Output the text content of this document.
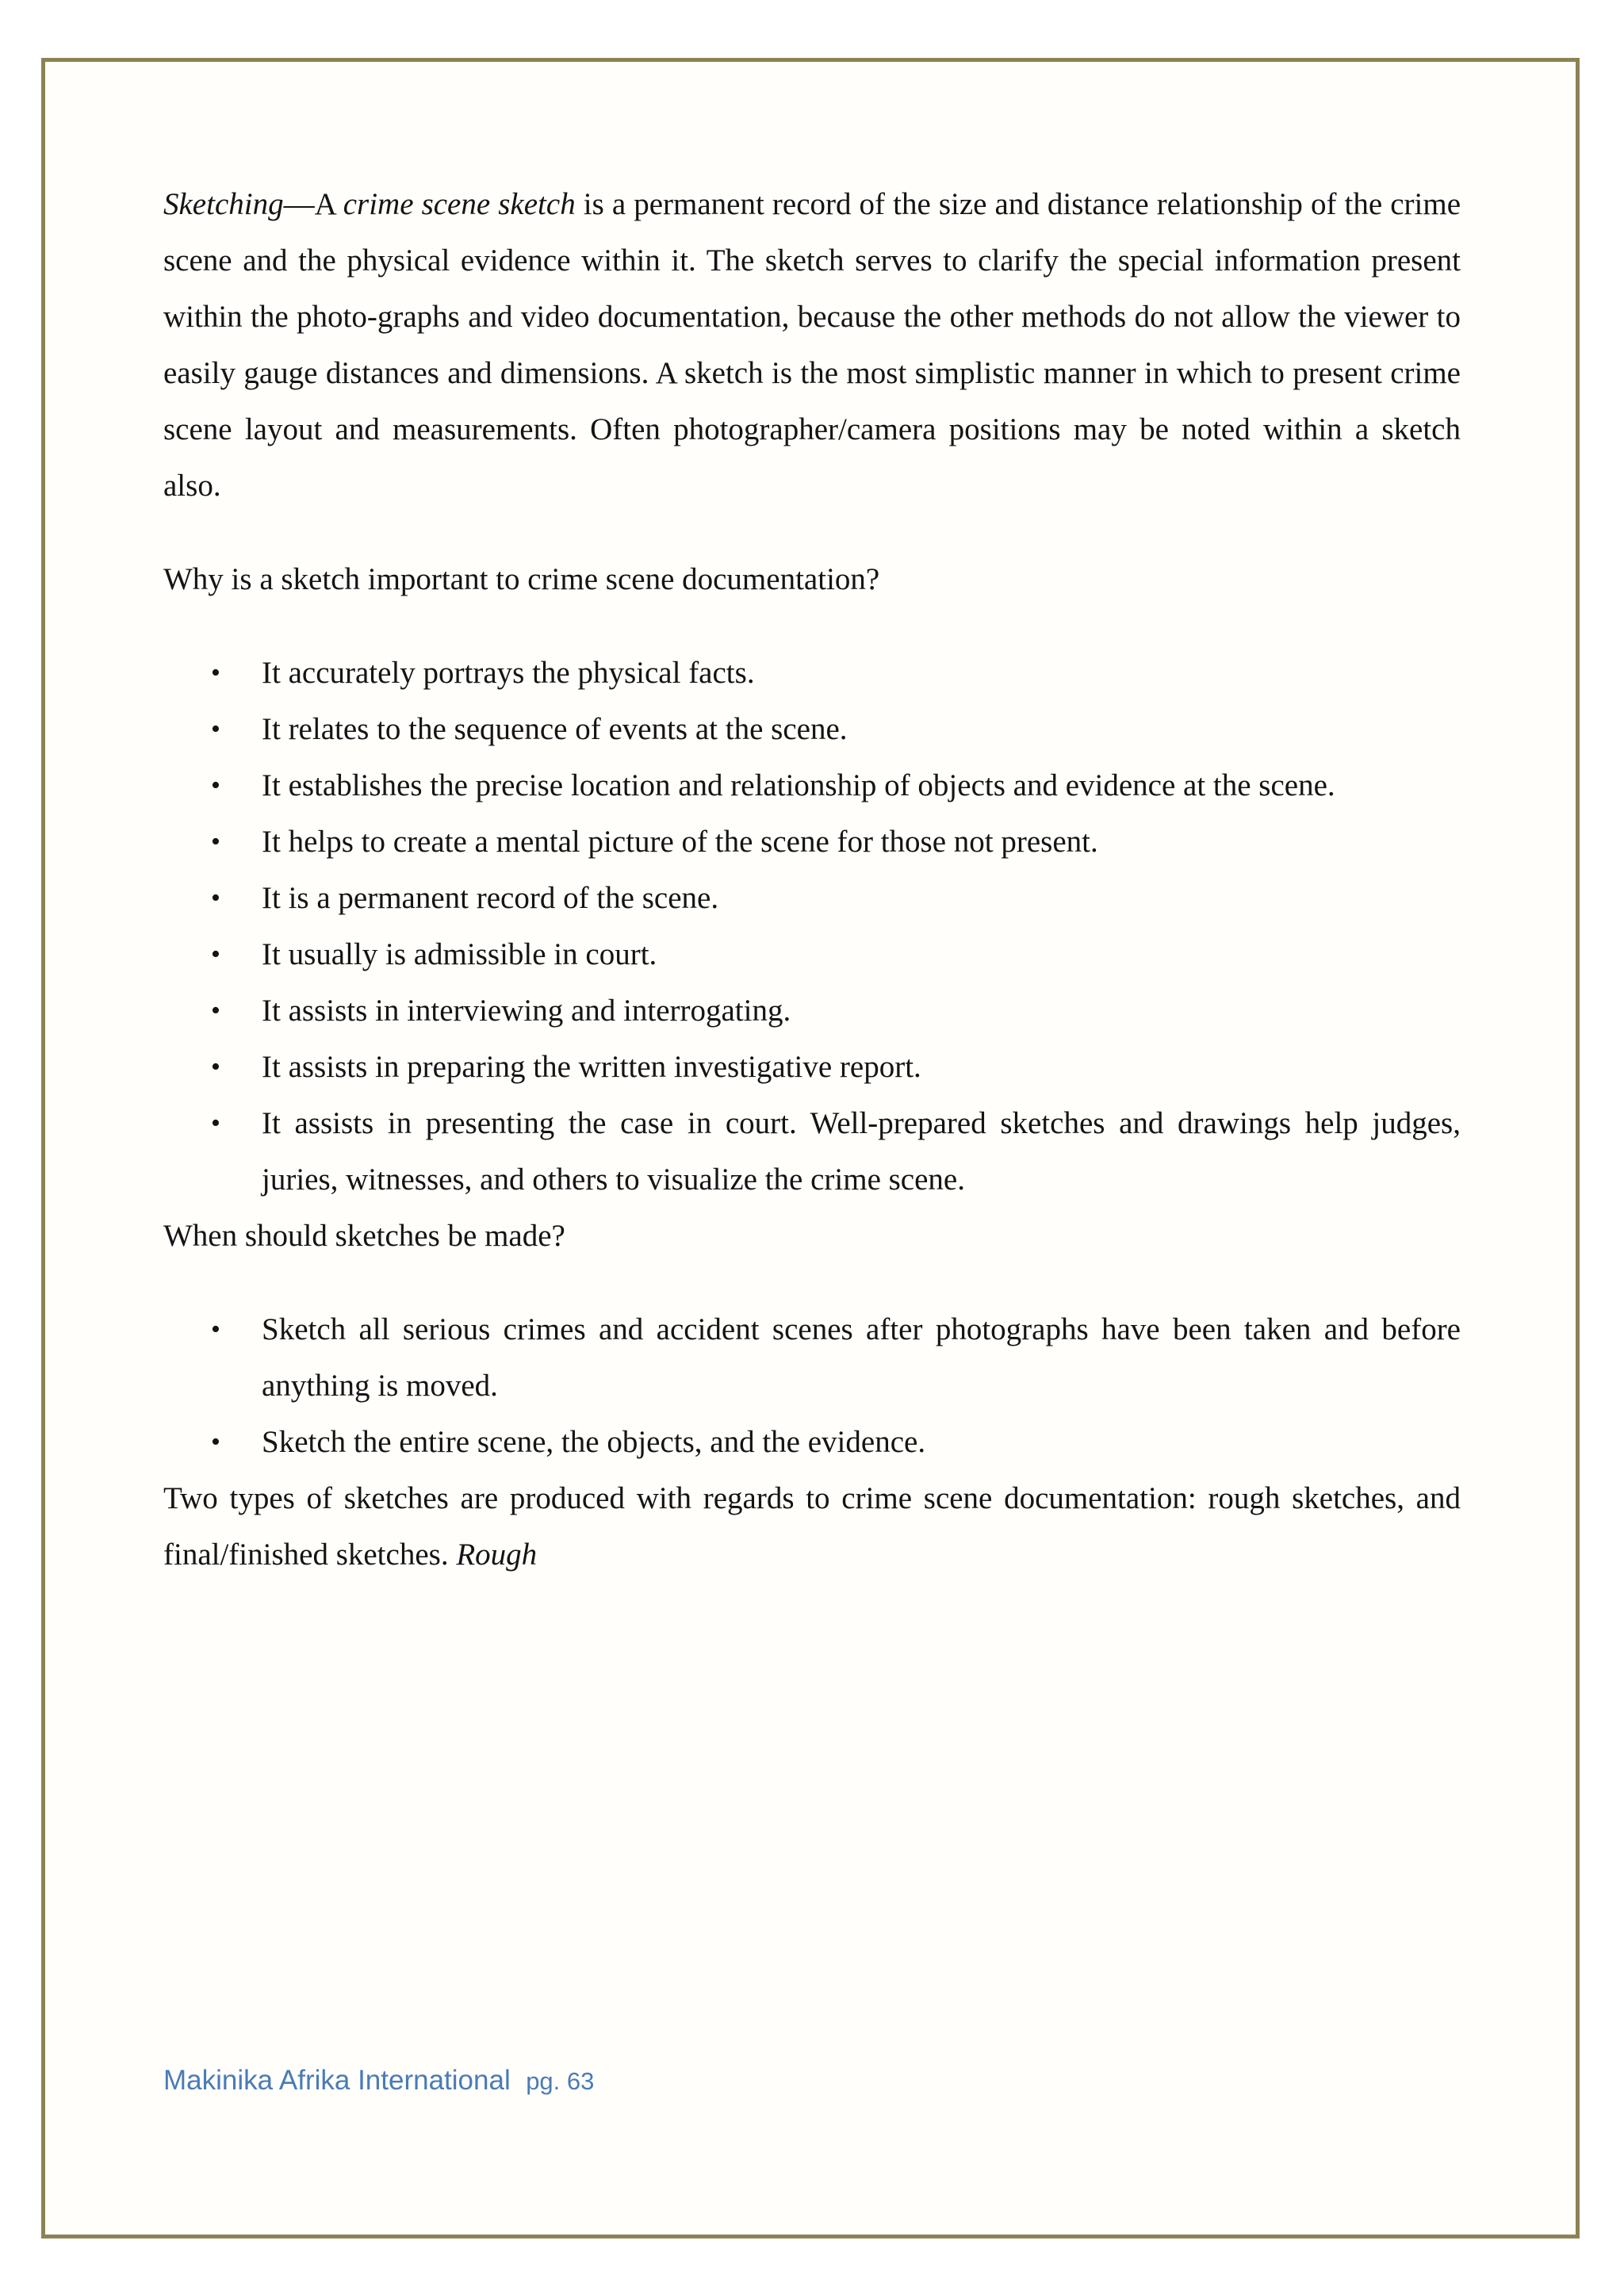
Sketching—A crime scene sketch is a permanent record of the size and distance relationship of the crime scene and the physical evidence within it. The sketch serves to clarify the special information present within the photo-graphs and video documentation, because the other methods do not allow the viewer to easily gauge distances and dimensions. A sketch is the most simplistic manner in which to present crime scene layout and measurements. Often photographer/camera positions may be noted within a sketch also.

Why is a sketch important to crime scene documentation?

• It accurately portrays the physical facts.
• It relates to the sequence of events at the scene.
• It establishes the precise location and relationship of objects and evidence at the scene.
• It helps to create a mental picture of the scene for those not present.
• It is a permanent record of the scene.
• It usually is admissible in court.
• It assists in interviewing and interrogating.
• It assists in preparing the written investigative report.
• It assists in presenting the case in court. Well-prepared sketches and drawings help judges, juries, witnesses, and others to visualize the crime scene.

When should sketches be made?

• Sketch all serious crimes and accident scenes after photographs have been taken and before anything is moved.
• Sketch the entire scene, the objects, and the evidence.

Two types of sketches are produced with regards to crime scene documentation: rough sketches, and final/finished sketches. Rough

Makinika Afrika International pg. 63
